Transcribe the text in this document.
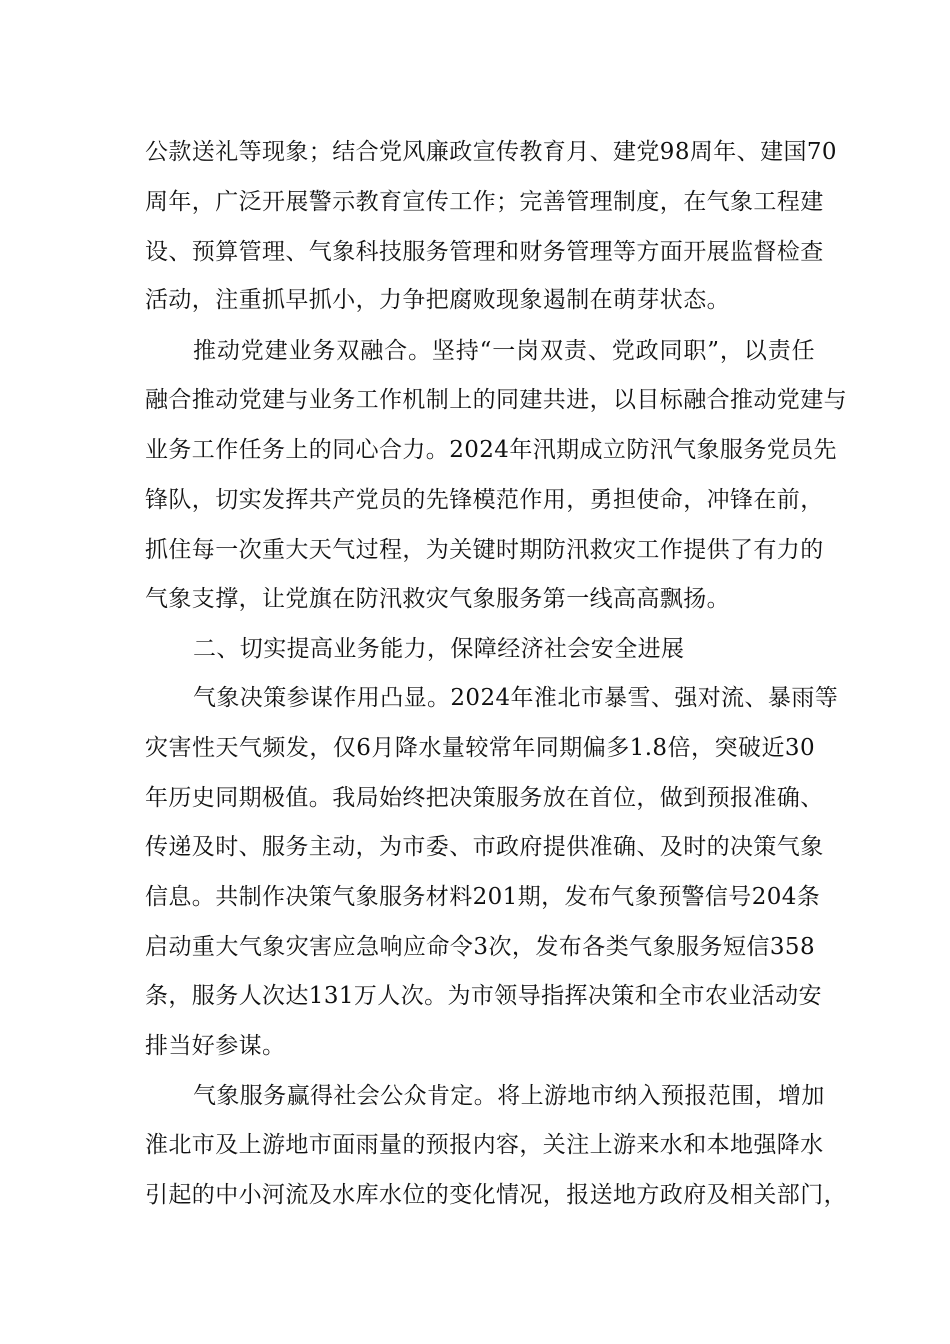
公款送礼等现象；结合党风廉政宣传教育月、建党98周年、建国70
周年，广泛开展警示教育宣传工作；完善管理制度，在气象工程建
设、预算管理、气象科技服务管理和财务管理等方面开展监督检查
活动，注重抓早抓小，力争把腐败现象遏制在萌芽状态。
推动党建业务双融合。坚持“一岗双责、党政同职”，以责任
融合推动党建与业务工作机制上的同建共进，以目标融合推动党建与
业务工作任务上的同心合力。2024年汛期成立防汛气象服务党员先
锋队，切实发挥共产党员的先锋模范作用，勇担使命，冲锋在前，
抓住每一次重大天气过程，为关键时期防汛救灾工作提供了有力的
气象支撑，让党旗在防汛救灾气象服务第一线高高飘扬。
二、切实提高业务能力，保障经济社会安全进展
气象决策参谋作用凸显。2024年淮北市暴雪、强对流、暴雨等
灾害性天气频发，仅6月降水量较常年同期偏多1.8倍，突破近30
年历史同期极值。我局始终把决策服务放在首位，做到预报准确、
传递及时、服务主动，为市委、市政府提供准确、及时的决策气象
信息。共制作决策气象服务材料201期，发布气象预警信号204条
启动重大气象灾害应急响应命令3次，发布各类气象服务短信358
条，服务人次达131万人次。为市领导指挥决策和全市农业活动安
排当好参谋。
气象服务赢得社会公众肯定。将上游地市纳入预报范围，增加
淮北市及上游地市面雨量的预报内容，关注上游来水和本地强降水
引起的中小河流及水库水位的变化情况，报送地方政府及相关部门，
